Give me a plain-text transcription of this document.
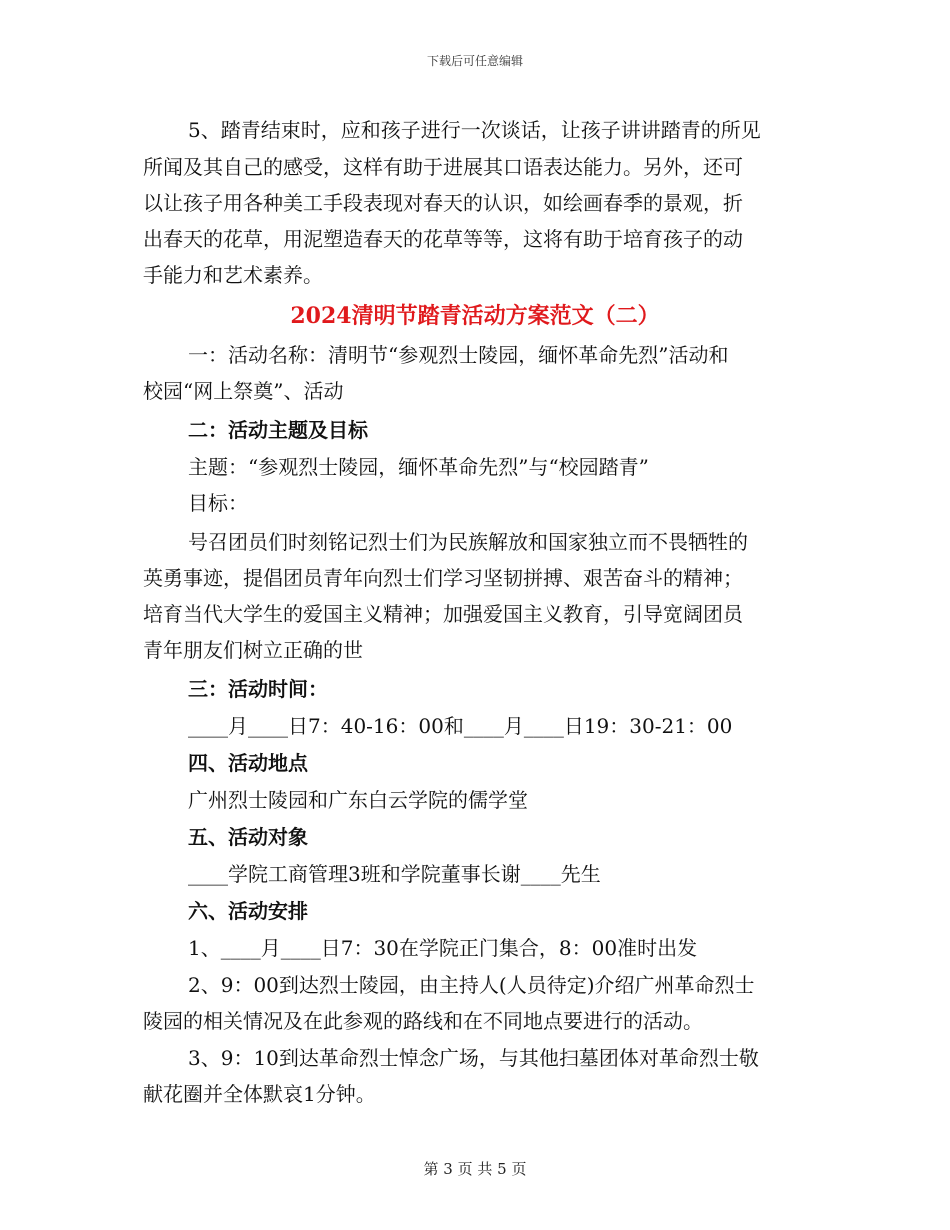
下载后可任意编辑
5、踏青结束时，应和孩子进行一次谈话，让孩子讲讲踏青的所见
所闻及其自己的感受，这样有助于进展其口语表达能力。另外，还可
以让孩子用各种美工手段表现对春天的认识，如绘画春季的景观，折
出春天的花草，用泥塑造春天的花草等等，这将有助于培育孩子的动
手能力和艺术素养。
2024清明节踏青活动方案范文（二）
一：活动名称：清明节“参观烈士陵园，缅怀革命先烈”活动和
校园“网上祭奠”、活动
二：活动主题及目标
主题：“参观烈士陵园，缅怀革命先烈”与“校园踏青”
目标：
号召团员们时刻铭记烈士们为民族解放和国家独立而不畏牺牲的
英勇事迹，提倡团员青年向烈士们学习坚韧拼搏、艰苦奋斗的精神；
培育当代大学生的爱国主义精神；加强爱国主义教育，引导宽阔团员
青年朋友们树立正确的世
三：活动时间：
____月____日7：40-16：00和____月____日19：30-21：00
四、活动地点
广州烈士陵园和广东白云学院的儒学堂
五、活动对象
____学院工商管理3班和学院董事长谢____先生
六、活动安排
1、____月____日7：30在学院正门集合，8：00准时出发
2、9：00到达烈士陵园，由主持人(人员待定)介绍广州革命烈士
陵园的相关情况及在此参观的路线和在不同地点要进行的活动。
3、9：10到达革命烈士悼念广场，与其他扫墓团体对革命烈士敬
献花圈并全体默哀1分钟。
第 3 页 共 5 页
